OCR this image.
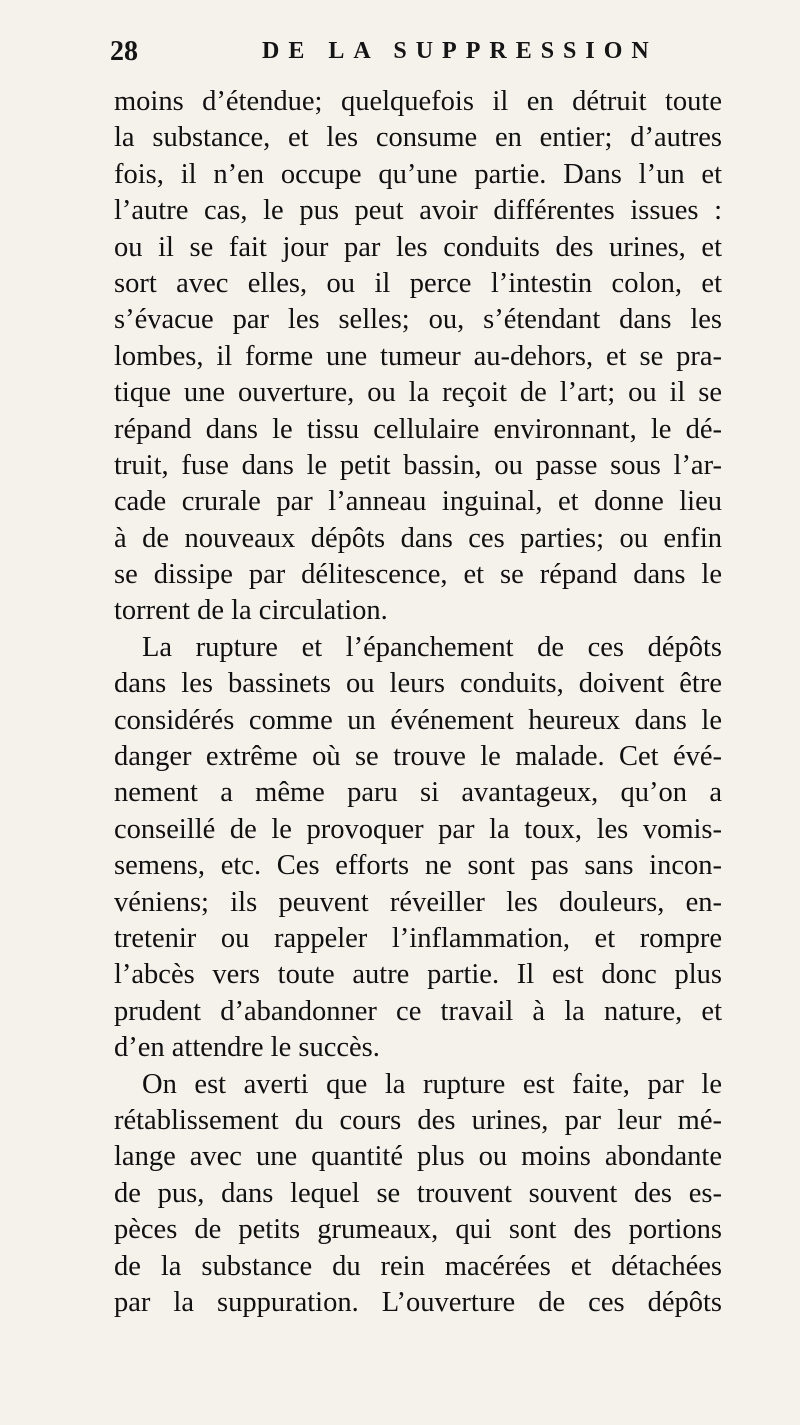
28	DE LA SUPPRESSION
moins d’étendue; quelquefois il en détruit toute
la substance, et les consume en entier; d’autres
fois, il n’en occupe qu’une partie. Dans l’un et
l’autre cas, le pus peut avoir différentes issues :
ou il se fait jour par les conduits des urines, et
sort avec elles, ou il perce l’intestin colon, et
s’évacue par les selles; ou, s’étendant dans les
lombes, il forme une tumeur au-dehors, et se pra-
tique une ouverture, ou la reçoit de l’art; ou il se
répand dans le tissu cellulaire environnant, le dé-
truit, fuse dans le petit bassin, ou passe sous l’ar-
cade crurale par l’anneau inguinal, et donne lieu
à de nouveaux dépôts dans ces parties; ou enfin
se dissipe par délitescence, et se répand dans le
torrent de la circulation.
La rupture et l’épanchement de ces dépôts
dans les bassinets ou leurs conduits, doivent être
considérés comme un événement heureux dans le
danger extrême où se trouve le malade. Cet évé-
nement a même paru si avantageux, qu’on a
conseillé de le provoquer par la toux, les vomis-
semens, etc. Ces efforts ne sont pas sans incon-
véniens; ils peuvent réveiller les douleurs, en-
tretenir ou rappeler l’inflammation, et rompre
l’abcès vers toute autre partie. Il est donc plus
prudent d’abandonner ce travail à la nature, et
d’en attendre le succès.
On est averti que la rupture est faite, par le
rétablissement du cours des urines, par leur mé-
lange avec une quantité plus ou moins abondante
de pus, dans lequel se trouvent souvent des es-
pèces de petits grumeaux, qui sont des portions
de la substance du rein macérées et détachées
par la suppuration. L’ouverture de ces dépôts
